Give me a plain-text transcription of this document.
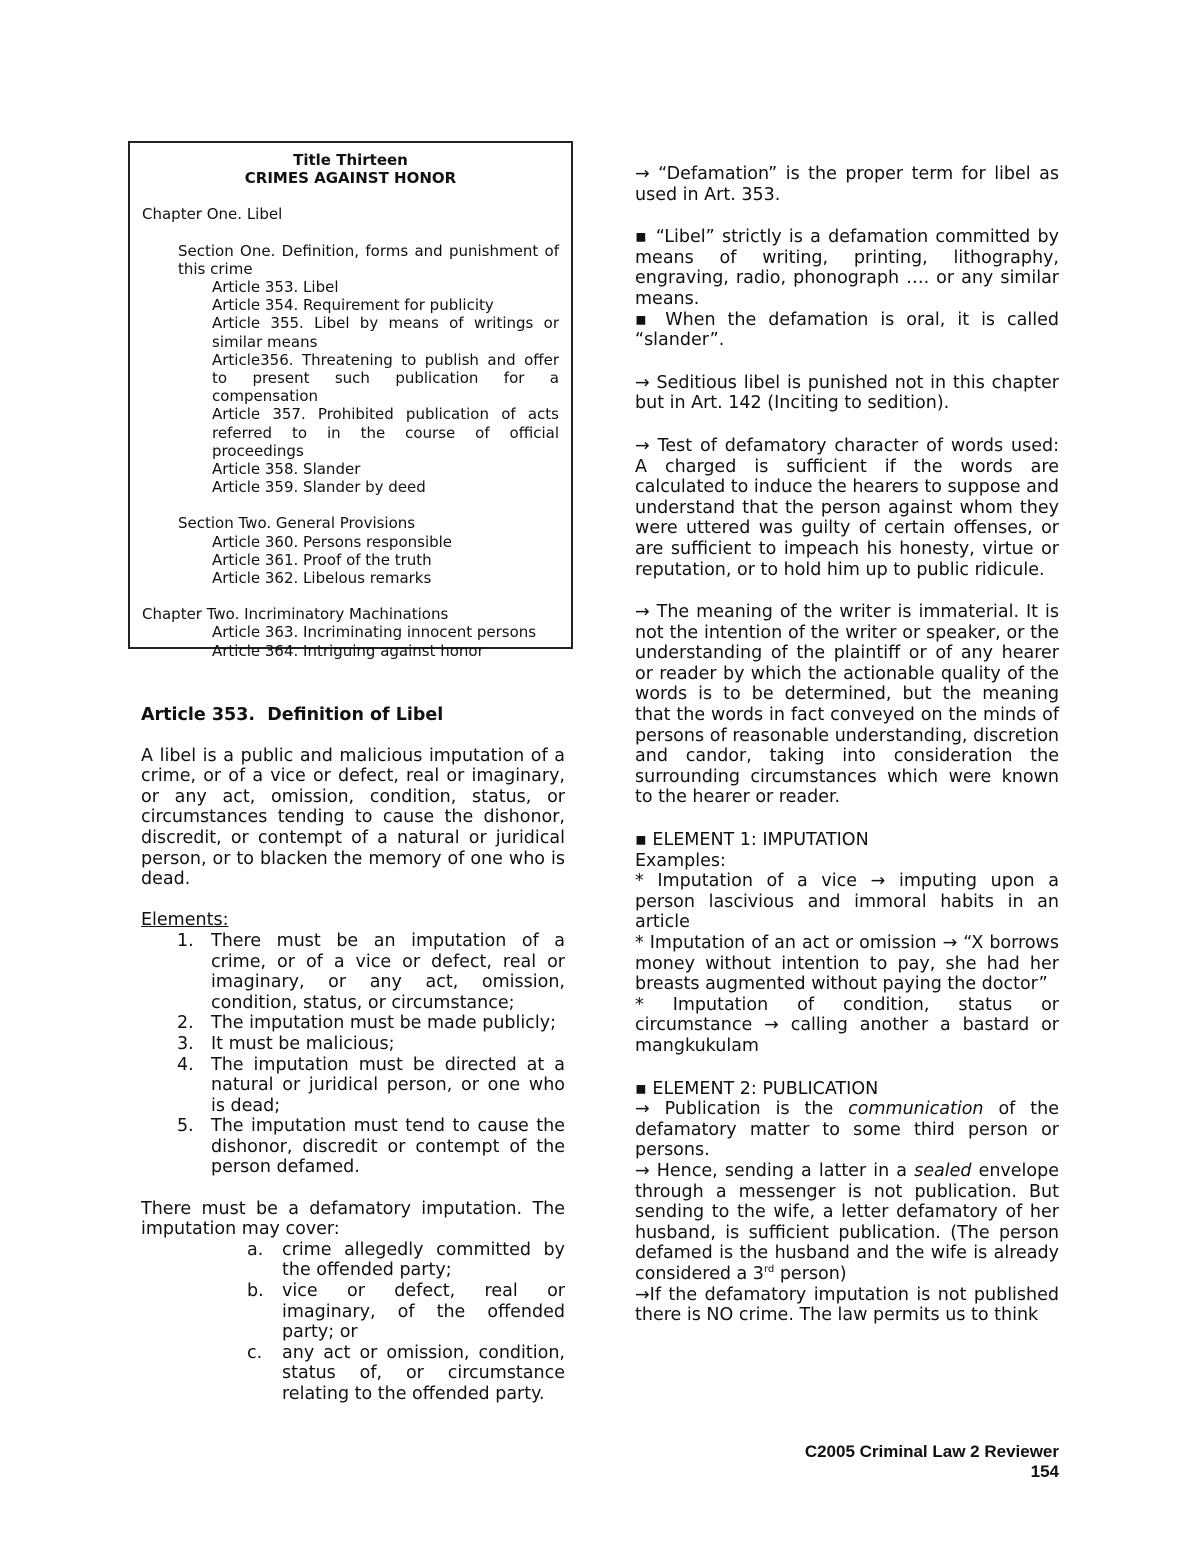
Title Thirteen
CRIMES AGAINST HONOR
Chapter One. Libel
Section One. Definition, forms and punishment of this crime
Article 353. Libel
Article 354. Requirement for publicity
Article 355. Libel by means of writings or similar means
Article356. Threatening to publish and offer to present such publication for a compensation
Article 357. Prohibited publication of acts referred to in the course of official proceedings
Article 358. Slander
Article 359. Slander by deed
Section Two. General Provisions
Article 360. Persons responsible
Article 361. Proof of the truth
Article 362. Libelous remarks
Chapter Two. Incriminatory Machinations
Article 363. Incriminating innocent persons
Article 364. Intriguing against honor
Article 353.  Definition of Libel

A libel is a public and malicious imputation of a crime, or of a vice or defect, real or imaginary, or any act, omission, condition, status, or circumstances tending to cause the dishonor, discredit, or contempt of a natural or juridical person, or to blacken the memory of one who is dead.

Elements:
1. There must be an imputation of a crime, or of a vice or defect, real or imaginary, or any act, omission, condition, status, or circumstance;
2. The imputation must be made publicly;
3. It must be malicious;
4. The imputation must be directed at a natural or juridical person, or one who is dead;
5. The imputation must tend to cause the dishonor, discredit or contempt of the person defamed.

There must be a defamatory imputation. The imputation may cover:

a. crime allegedly committed by the offended party;
b. vice or defect, real or imaginary, of the offended party; or
c. any act or omission, condition, status of, or circumstance relating to the offended party.

→ “Defamation” is the proper term for libel as used in Art. 353.

▪ “Libel” strictly is a defamation committed by means of writing, printing, lithography, engraving, radio, phonograph …. or any similar means.

▪ When the defamation is oral, it is called “slander”.

→ Seditious libel is punished not in this chapter but in Art. 142 (Inciting to sedition).

→ Test of defamatory character of words used: A charged is sufficient if the words are calculated to induce the hearers to suppose and understand that the person against whom they were uttered was guilty of certain offenses, or are sufficient to impeach his honesty, virtue or reputation, or to hold him up to public ridicule.

→ The meaning of the writer is immaterial. It is not the intention of the writer or speaker, or the understanding of the plaintiff or of any hearer or reader by which the actionable quality of the words is to be determined, but the meaning that the words in fact conveyed on the minds of persons of reasonable understanding, discretion and candor, taking into consideration the surrounding circumstances which were known to the hearer or reader.

▪ ELEMENT 1: IMPUTATION

Examples:

* Imputation of a vice → imputing upon a person lascivious and immoral habits in an article

* Imputation of an act or omission → “X borrows money without intention to pay, she had her breasts augmented without paying the doctor”

* Imputation of condition, status or circumstance → calling another a bastard or mangkukulam

▪ ELEMENT 2: PUBLICATION

→ Publication is the communication of the defamatory matter to some third person or persons.

→ Hence, sending a latter in a sealed envelope through a messenger is not publication. But sending to the wife, a letter defamatory of her husband, is sufficient publication. (The person defamed is the husband and the wife is already considered a 3rd person)

→If the defamatory imputation is not published there is NO crime. The law permits us to think

C2005 Criminal Law 2 Reviewer
154
